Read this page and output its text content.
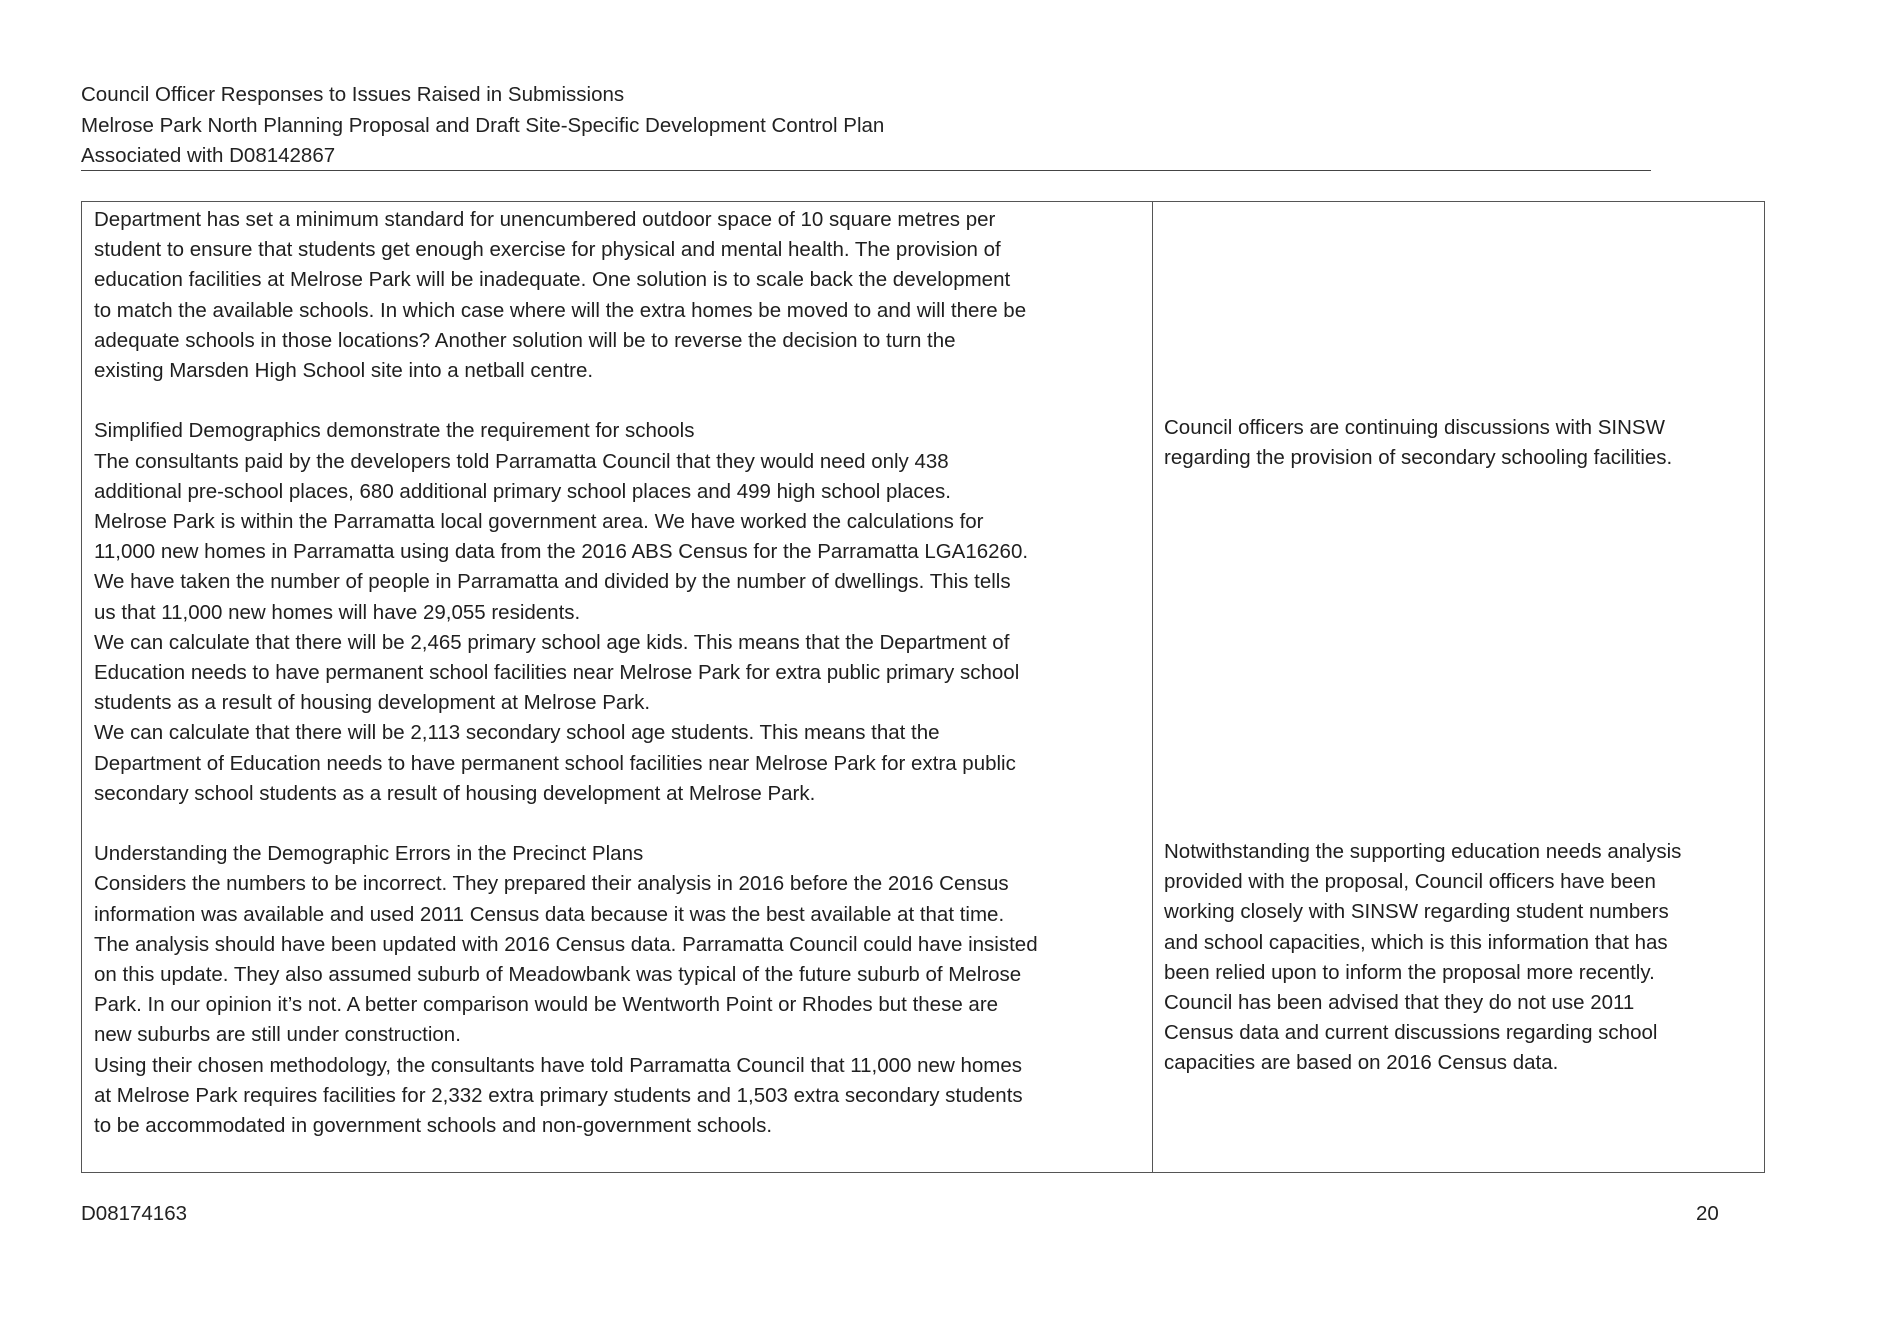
Council Officer Responses to Issues Raised in Submissions
Melrose Park North Planning Proposal and Draft Site-Specific Development Control Plan
Associated with D08142867
Department has set a minimum standard for unencumbered outdoor space of 10 square metres per
student to ensure that students get enough exercise for physical and mental health. The provision of
education facilities at Melrose Park will be inadequate. One solution is to scale back the development
to match the available schools. In which case where will the extra homes be moved to and will there be
adequate schools in those locations? Another solution will be to reverse the decision to turn the
existing Marsden High School site into a netball centre.
Simplified Demographics demonstrate the requirement for schools
The consultants paid by the developers told Parramatta Council that they would need only 438
additional pre-school places, 680 additional primary school places and 499 high school places.
Melrose Park is within the Parramatta local government area. We have worked the calculations for
11,000 new homes in Parramatta using data from the 2016 ABS Census for the Parramatta LGA16260.
We have taken the number of people in Parramatta and divided by the number of dwellings. This tells
us that 11,000 new homes will have 29,055 residents.
We can calculate that there will be 2,465 primary school age kids. This means that the Department of
Education needs to have permanent school facilities near Melrose Park for extra public primary school
students as a result of housing development at Melrose Park.
We can calculate that there will be 2,113 secondary school age students. This means that the
Department of Education needs to have permanent school facilities near Melrose Park for extra public
secondary school students as a result of housing development at Melrose Park.
Understanding the Demographic Errors in the Precinct Plans
Considers the numbers to be incorrect. They prepared their analysis in 2016 before the 2016 Census
information was available and used 2011 Census data because it was the best available at that time.
The analysis should have been updated with 2016 Census data. Parramatta Council could have insisted
on this update. They also assumed suburb of Meadowbank was typical of the future suburb of Melrose
Park. In our opinion it’s not. A better comparison would be Wentworth Point or Rhodes but these are
new suburbs are still under construction.
Using their chosen methodology, the consultants have told Parramatta Council that 11,000 new homes
at Melrose Park requires facilities for 2,332 extra primary students and 1,503 extra secondary students
to be accommodated in government schools and non-government schools.
Council officers are continuing discussions with SINSW
regarding the provision of secondary schooling facilities.
Notwithstanding the supporting education needs analysis
provided with the proposal, Council officers have been
working closely with SINSW regarding student numbers
and school capacities, which is this information that has
been relied upon to inform the proposal more recently.
Council has been advised that they do not use 2011
Census data and current discussions regarding school
capacities are based on 2016 Census data.
D08174163	20
